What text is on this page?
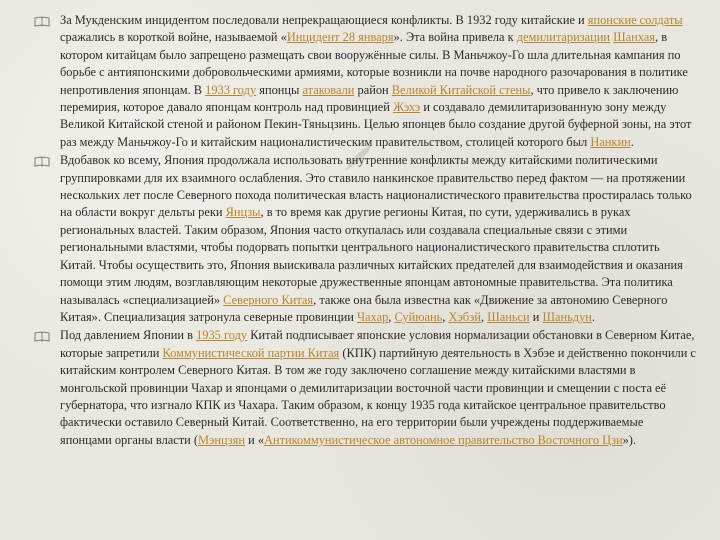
За Мукденским инцидентом последовали непрекращающиеся конфликты. В 1932 году китайские и японские солдаты сражались в короткой войне, называемой «Инцидент 28 января». Эта война привела к демилитаризации Шанхая, в котором китайцам было запрещено размещать свои вооружённые силы. В Маньчжоу-Го шла длительная кампания по борьбе с антияпонскими добровольческими армиями, которые возникли на почве народного разочарования в политике непротивления японцам. В 1933 году японцы атаковали район Великой Китайской стены, что привело к заключению перемирия, которое давало японцам контроль над провинцией Жэхэ и создавало демилитаризованную зону между Великой Китайской стеной и районом Пекин-Тяньцзинь. Целью японцев было создание другой буферной зоны, на этот раз между Маньчжоу-Го и китайским националистическим правительством, столицей которого был Нанкин.
Вдобавок ко всему, Япония продолжала использовать внутренние конфликты между китайскими политическими группировками для их взаимного ослабления. Это ставило нанкинское правительство перед фактом — на протяжении нескольких лет после Северного похода политическая власть националистического правительства простиралась только на области вокруг дельты реки Янцзы, в то время как другие регионы Китая, по сути, удерживались в руках региональных властей. Таким образом, Япония часто откупалась или создавала специальные связи с этими региональными властями, чтобы подорвать попытки центрального националистического правительства сплотить Китай. Чтобы осуществить это, Япония выискивала различных китайских предателей для взаимодействия и оказания помощи этим людям, возглавляющим некоторые дружественные японцам автономные правительства. Эта политика называлась «специализацией» Северного Китая, также она была известна как «Движение за автономию Северного Китая». Специализация затронула северные провинции Чахар, Суйюань, Хэбэй, Шаньси и Шаньдун.
Под давлением Японии в 1935 году Китай подписывает японские условия нормализации обстановки в Северном Китае, которые запретили Коммунистической партии Китая (КПК) партийную деятельность в Хэбэе и действенно покончили с китайским контролем Северного Китая. В том же году заключено соглашение между китайскими властями в монгольской провинции Чахар и японцами о демилитаризации восточной части провинции и смещении с поста её губернатора, что изгнало КПК из Чахара. Таким образом, к концу 1935 года китайское центральное правительство фактически оставило Северный Китай. Соответственно, на его территории были учреждены поддерживаемые японцами органы власти (Мэнцзян и «Антикоммунистическое автономное правительство Восточного Цзи»).
